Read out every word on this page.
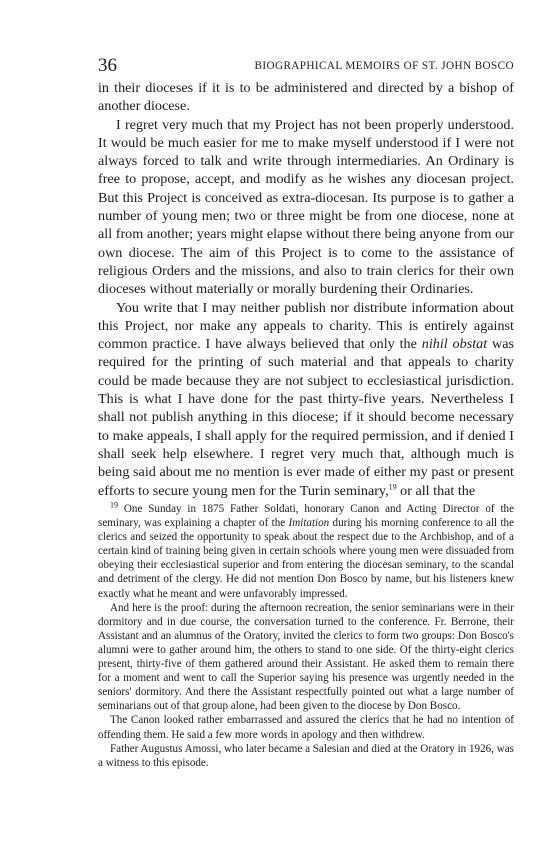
36	BIOGRAPHICAL MEMOIRS OF ST. JOHN BOSCO

in their dioceses if it is to be administered and directed by a bishop of another diocese.

I regret very much that my Project has not been properly understood. It would be much easier for me to make myself understood if I were not always forced to talk and write through intermediaries. An Ordinary is free to propose, accept, and modify as he wishes any diocesan project. But this Project is conceived as extra-diocesan. Its purpose is to gather a number of young men; two or three might be from one diocese, none at all from another; years might elapse without there being anyone from our own diocese. The aim of this Project is to come to the assistance of religious Orders and the missions, and also to train clerics for their own dioceses without materially or morally burdening their Ordinaries.

You write that I may neither publish nor distribute information about this Project, nor make any appeals to charity. This is entirely against common practice. I have always believed that only the nihil obstat was required for the printing of such material and that appeals to charity could be made because they are not subject to ecclesiastical jurisdiction. This is what I have done for the past thirty-five years. Nevertheless I shall not publish anything in this diocese; if it should become necessary to make appeals, I shall apply for the required permission, and if denied I shall seek help elsewhere. I regret very much that, although much is being said about me no mention is ever made of either my past or present efforts to secure young men for the Turin seminary,$^{19}$ or all that the

$^{19}$ One Sunday in 1875 Father Soldati, honorary Canon and Acting Director of the seminary, was explaining a chapter of the Imitation during his morning conference to all the clerics and seized the opportunity to speak about the respect due to the Archbishop, and of a certain kind of training being given in certain schools where young men were dissuaded from obeying their ecclesiastical superior and from entering the diocesan seminary, to the scandal and detriment of the clergy. He did not mention Don Bosco by name, but his listeners knew exactly what he meant and were unfavorably impressed.

And here is the proof: during the afternoon recreation, the senior seminarians were in their dormitory and in due course, the conversation turned to the conference. Fr. Berrone, their Assistant and an alumnus of the Oratory, invited the clerics to form two groups: Don Bosco's alumni were to gather around him, the others to stand to one side. Of the thirty-eight clerics present, thirty-five of them gathered around their Assistant. He asked them to remain there for a moment and went to call the Superior saying his presence was urgently needed in the seniors' dormitory. And there the Assistant respectfully pointed out what a large number of seminarians out of that group alone, had been given to the diocese by Don Bosco.

The Canon looked rather embarrassed and assured the clerics that he had no intention of offending them. He said a few more words in apology and then withdrew.

Father Augustus Amossi, who later became a Salesian and died at the Oratory in 1926, was a witness to this episode.
